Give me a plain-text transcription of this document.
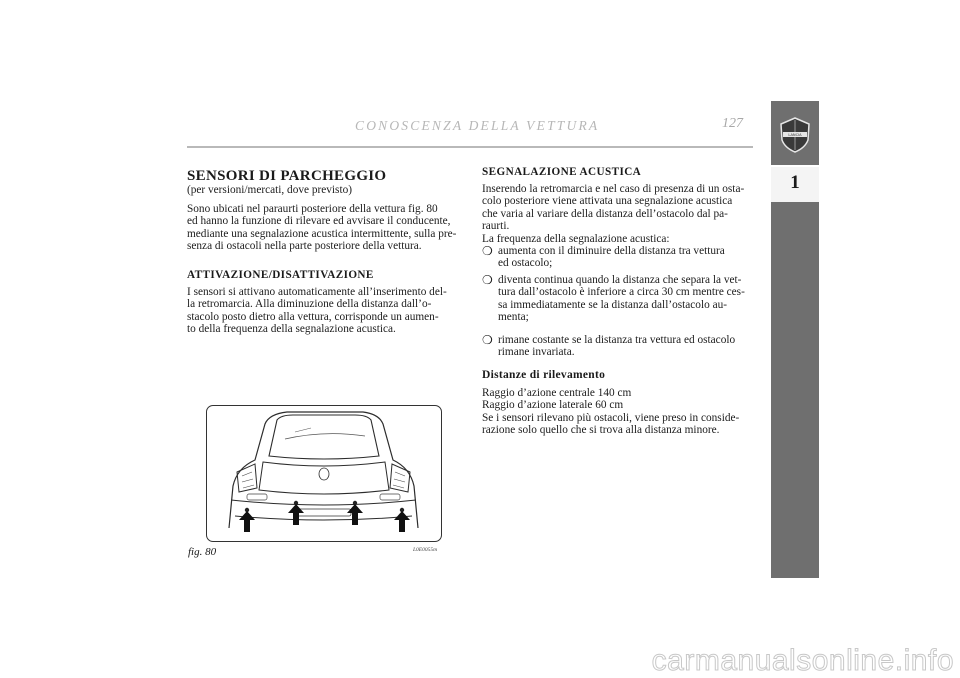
CONOSCENZA DELLA VETTURA	127
LANCIA
1
SENSORI DI PARCHEGGIO
(per versioni/mercati, dove previsto)
Sono ubicati nel paraurti posteriore della vettura fig. 80
ed hanno la funzione di rilevare ed avvisare il conducente,
mediante una segnalazione acustica intermittente, sulla pre-
senza di ostacoli nella parte posteriore della vettura.
ATTIVAZIONE/DISATTIVAZIONE
I sensori si attivano automaticamente all’inserimento del-
la retromarcia. Alla diminuzione della distanza dall’o-
stacolo posto dietro alla vettura, corrisponde un aumen-
to della frequenza della segnalazione acustica.
fig. 80	L0E0055m
SEGNALAZIONE ACUSTICA
Inserendo la retromarcia e nel caso di presenza di un osta-
colo posteriore viene attivata una segnalazione acustica
che varia al variare della distanza dell’ostacolo dal pa-
raurti.
La frequenza della segnalazione acustica:
❍ aumenta con il diminuire della distanza tra vettura
ed ostacolo;
❍ diventa continua quando la distanza che separa la vet-
tura dall’ostacolo è inferiore a circa 30 cm mentre ces-
sa immediatamente se la distanza dall’ostacolo au-
menta;
❍ rimane costante se la distanza tra vettura ed ostacolo
rimane invariata.
Distanze di rilevamento
Raggio d’azione centrale 140 cm
Raggio d’azione laterale 60 cm
Se i sensori rilevano più ostacoli, viene preso in conside-
razione solo quello che si trova alla distanza minore.
carmanualsonline.info
